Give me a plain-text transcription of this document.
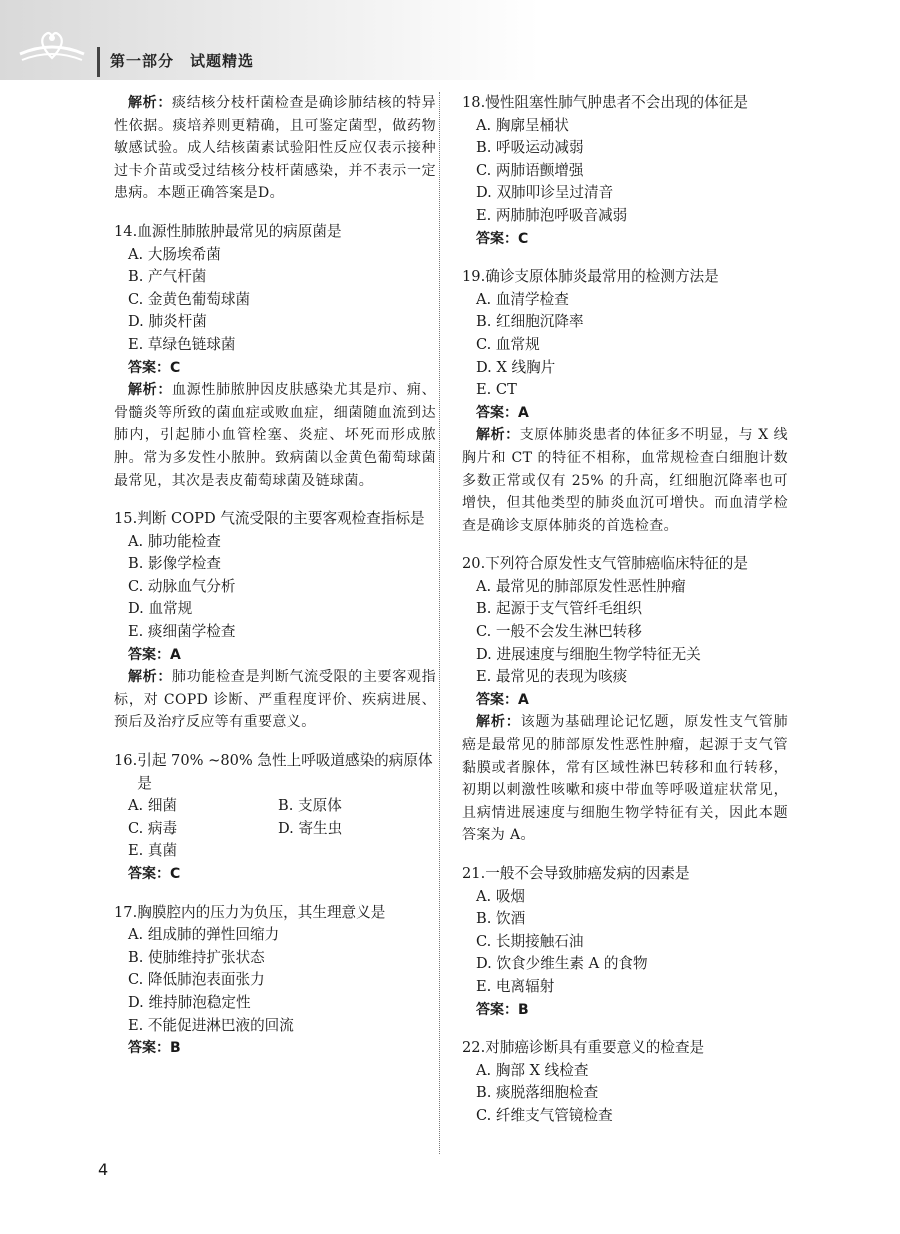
第一部分　试题精选
解析：痰结核分枝杆菌检查是确诊肺结核的特异性依据。痰培养则更精确，且可鉴定菌型，做药物敏感试验。成人结核菌素试验阳性反应仅表示接种过卡介苗或受过结核分枝杆菌感染，并不表示一定患病。本题正确答案是D。
14. 血源性肺脓肿最常见的病原菌是
A. 大肠埃希菌
B. 产气杆菌
C. 金黄色葡萄球菌
D. 肺炎杆菌
E. 草绿色链球菌
答案：C
解析：血源性肺脓肿因皮肤感染尤其是疖、痈、骨髓炎等所致的菌血症或败血症，细菌随血流到达肺内，引起肺小血管栓塞、炎症、坏死而形成脓肿。常为多发性小脓肿。致病菌以金黄色葡萄球菌最常见，其次是表皮葡萄球菌及链球菌。
15. 判断 COPD 气流受限的主要客观检查指标是
A. 肺功能检查
B. 影像学检查
C. 动脉血气分析
D. 血常规
E. 痰细菌学检查
答案：A
解析：肺功能检查是判断气流受限的主要客观指标，对 COPD 诊断、严重程度评价、疾病进展、预后及治疗反应等有重要意义。
16. 引起 70% ~80% 急性上呼吸道感染的病原体是
A. 细菌	B. 支原体
C. 病毒	D. 寄生虫
E. 真菌
答案：C
17. 胸膜腔内的压力为负压，其生理意义是
A. 组成肺的弹性回缩力
B. 使肺维持扩张状态
C. 降低肺泡表面张力
D. 维持肺泡稳定性
E. 不能促进淋巴液的回流
答案：B
18. 慢性阻塞性肺气肿患者不会出现的体征是
A. 胸廓呈桶状
B. 呼吸运动减弱
C. 两肺语颤增强
D. 双肺叩诊呈过清音
E. 两肺肺泡呼吸音减弱
答案：C
19. 确诊支原体肺炎最常用的检测方法是
A. 血清学检查
B. 红细胞沉降率
C. 血常规
D. X 线胸片
E. CT
答案：A
解析：支原体肺炎患者的体征多不明显，与 X 线胸片和 CT 的特征不相称，血常规检查白细胞计数多数正常或仅有 25% 的升高，红细胞沉降率也可增快，但其他类型的肺炎血沉可增快。而血清学检查是确诊支原体肺炎的首选检查。
20. 下列符合原发性支气管肺癌临床特征的是
A. 最常见的肺部原发性恶性肿瘤
B. 起源于支气管纤毛组织
C. 一般不会发生淋巴转移
D. 进展速度与细胞生物学特征无关
E. 最常见的表现为咳痰
答案：A
解析：该题为基础理论记忆题，原发性支气管肺癌是最常见的肺部原发性恶性肿瘤，起源于支气管黏膜或者腺体，常有区域性淋巴转移和血行转移，初期以刺激性咳嗽和痰中带血等呼吸道症状常见，且病情进展速度与细胞生物学特征有关，因此本题答案为 A。
21. 一般不会导致肺癌发病的因素是
A. 吸烟
B. 饮酒
C. 长期接触石油
D. 饮食少维生素 A 的食物
E. 电离辐射
答案：B
22. 对肺癌诊断具有重要意义的检查是
A. 胸部 X 线检查
B. 痰脱落细胞检查
C. 纤维支气管镜检查
4
